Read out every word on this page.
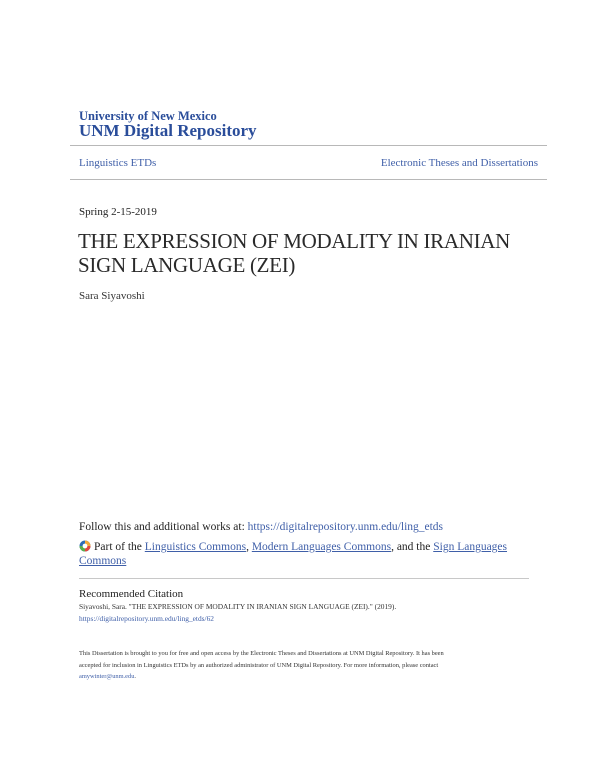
University of New Mexico
UNM Digital Repository
Linguistics ETDs	Electronic Theses and Dissertations
Spring 2-15-2019
THE EXPRESSION OF MODALITY IN IRANIAN SIGN LANGUAGE (ZEI)
Sara Siyavoshi
Follow this and additional works at: https://digitalrepository.unm.edu/ling_etds
Part of the Linguistics Commons, Modern Languages Commons, and the Sign Languages
Commons
Recommended Citation
Siyavoshi, Sara. "THE EXPRESSION OF MODALITY IN IRANIAN SIGN LANGUAGE (ZEI)." (2019).
https://digitalrepository.unm.edu/ling_etds/62
This Dissertation is brought to you for free and open access by the Electronic Theses and Dissertations at UNM Digital Repository. It has been
accepted for inclusion in Linguistics ETDs by an authorized administrator of UNM Digital Repository. For more information, please contact
amywinter@unm.edu.
